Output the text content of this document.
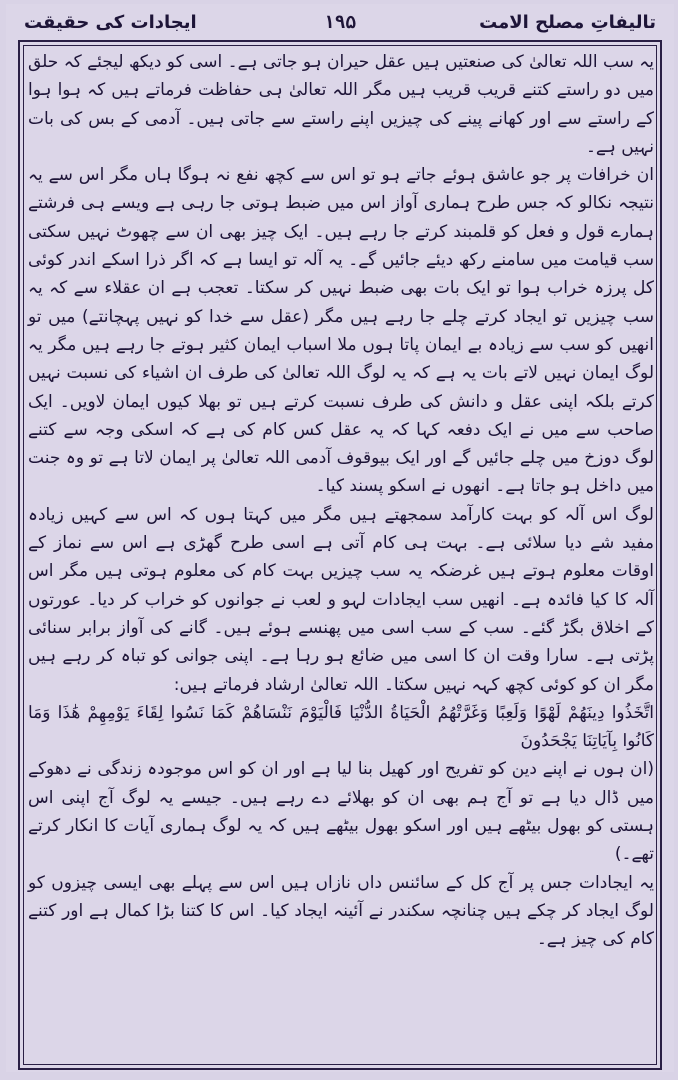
تالیفاتِ مصلح الامت
۱۹۵
ایجادات کی حقیقت

یہ سب اللہ تعالیٰ کی صنعتیں ہیں عقل حیران ہو جاتی ہے۔ اسی کو دیکھ لیجئے کہ حلق میں دو راستے کتنے قریب قریب ہیں مگر اللہ تعالیٰ ہی حفاظت فرماتے ہیں کہ ہوا ہوا کے راستے سے اور کھانے پینے کی چیزیں اپنے راستے سے جاتی ہیں۔ آدمی کے بس کی بات نہیں ہے۔

ان خرافات پر جو عاشق ہوئے جاتے ہو تو اس سے کچھ نفع نہ ہوگا ہاں مگر اس سے یہ نتیجہ نکالو کہ جس طرح ہماری آواز اس میں ضبط ہوتی جا رہی ہے ویسے ہی فرشتے ہمارے قول و فعل کو قلمبند کرتے جا رہے ہیں۔ ایک چیز بھی ان سے چھوٹ نہیں سکتی سب قیامت میں سامنے رکھ دیئے جائیں گے۔ یہ آلہ تو ایسا ہے کہ اگر ذرا اسکے اندر کوئی کل پرزہ خراب ہوا تو ایک بات بھی ضبط نہیں کر سکتا۔ تعجب ہے ان عقلاء سے کہ یہ سب چیزیں تو ایجاد کرتے چلے جا رہے ہیں مگر (عقل سے خدا کو نہیں پہچانتے) میں تو انھیں کو سب سے زیادہ بے ایمان پاتا ہوں ملا اسباب ایمان کثیر ہوتے جا رہے ہیں مگر یہ لوگ ایمان نہیں لاتے بات یہ ہے کہ یہ لوگ اللہ تعالیٰ کی طرف ان اشیاء کی نسبت نہیں کرتے بلکہ اپنی عقل و دانش کی طرف نسبت کرتے ہیں تو بھلا کیوں ایمان لاویں۔ ایک صاحب سے میں نے ایک دفعہ کہا کہ یہ عقل کس کام کی ہے کہ اسکی وجہ سے کتنے لوگ دوزخ میں چلے جائیں گے اور ایک بیوقوف آدمی اللہ تعالیٰ پر ایمان لاتا ہے تو وہ جنت میں داخل ہو جاتا ہے۔ انھوں نے اسکو پسند کیا۔

لوگ اس آلہ کو بہت کارآمد سمجھتے ہیں مگر میں کہتا ہوں کہ اس سے کہیں زیادہ مفید شے دیا سلائی ہے۔ بہت ہی کام آتی ہے اسی طرح گھڑی ہے اس سے نماز کے اوقات معلوم ہوتے ہیں غرضکہ یہ سب چیزیں بہت کام کی معلوم ہوتی ہیں مگر اس آلہ کا کیا فائدہ ہے۔ انھیں سب ایجادات لہو و لعب نے جوانوں کو خراب کر دیا۔ عورتوں کے اخلاق بگڑ گئے۔ سب کے سب اسی میں پھنسے ہوئے ہیں۔ گانے کی آواز برابر سنائی پڑتی ہے۔ سارا وقت ان کا اسی میں ضائع ہو رہا ہے۔ اپنی جوانی کو تباہ کر رہے ہیں مگر ان کو کوئی کچھ کہہ نہیں سکتا۔ اللہ تعالیٰ ارشاد فرماتے ہیں:

اتَّخَذُوا دِينَهُمْ لَهْوًا وَلَعِبًا وَغَرَّتْهُمُ الْحَيَاةُ الدُّنْيَا فَالْيَوْمَ نَنْسَاهُمْ كَمَا نَسُوا لِقَاءَ يَوْمِهِمْ هَٰذَا وَمَا كَانُوا بِآيَاتِنَا يَجْحَدُونَ

(ان ہوں نے اپنے دین کو تفریح اور کھیل بنا لیا ہے اور ان کو اس موجودہ زندگی نے دھوکے میں ڈال دیا ہے تو آج ہم بھی ان کو بھلائے دے رہے ہیں۔ جیسے یہ لوگ آج اپنی اس ہستی کو بھول بیٹھے ہیں اور اسکو بھول بیٹھے ہیں کہ یہ لوگ ہماری آیات کا انکار کرتے تھے۔)

یہ ایجادات جس پر آج کل کے سائنس داں نازاں ہیں اس سے پہلے بھی ایسی چیزوں کو لوگ ایجاد کر چکے ہیں چنانچہ سکندر نے آئینہ ایجاد کیا۔ اس کا کتنا بڑا کمال ہے اور کتنے کام کی چیز ہے۔
